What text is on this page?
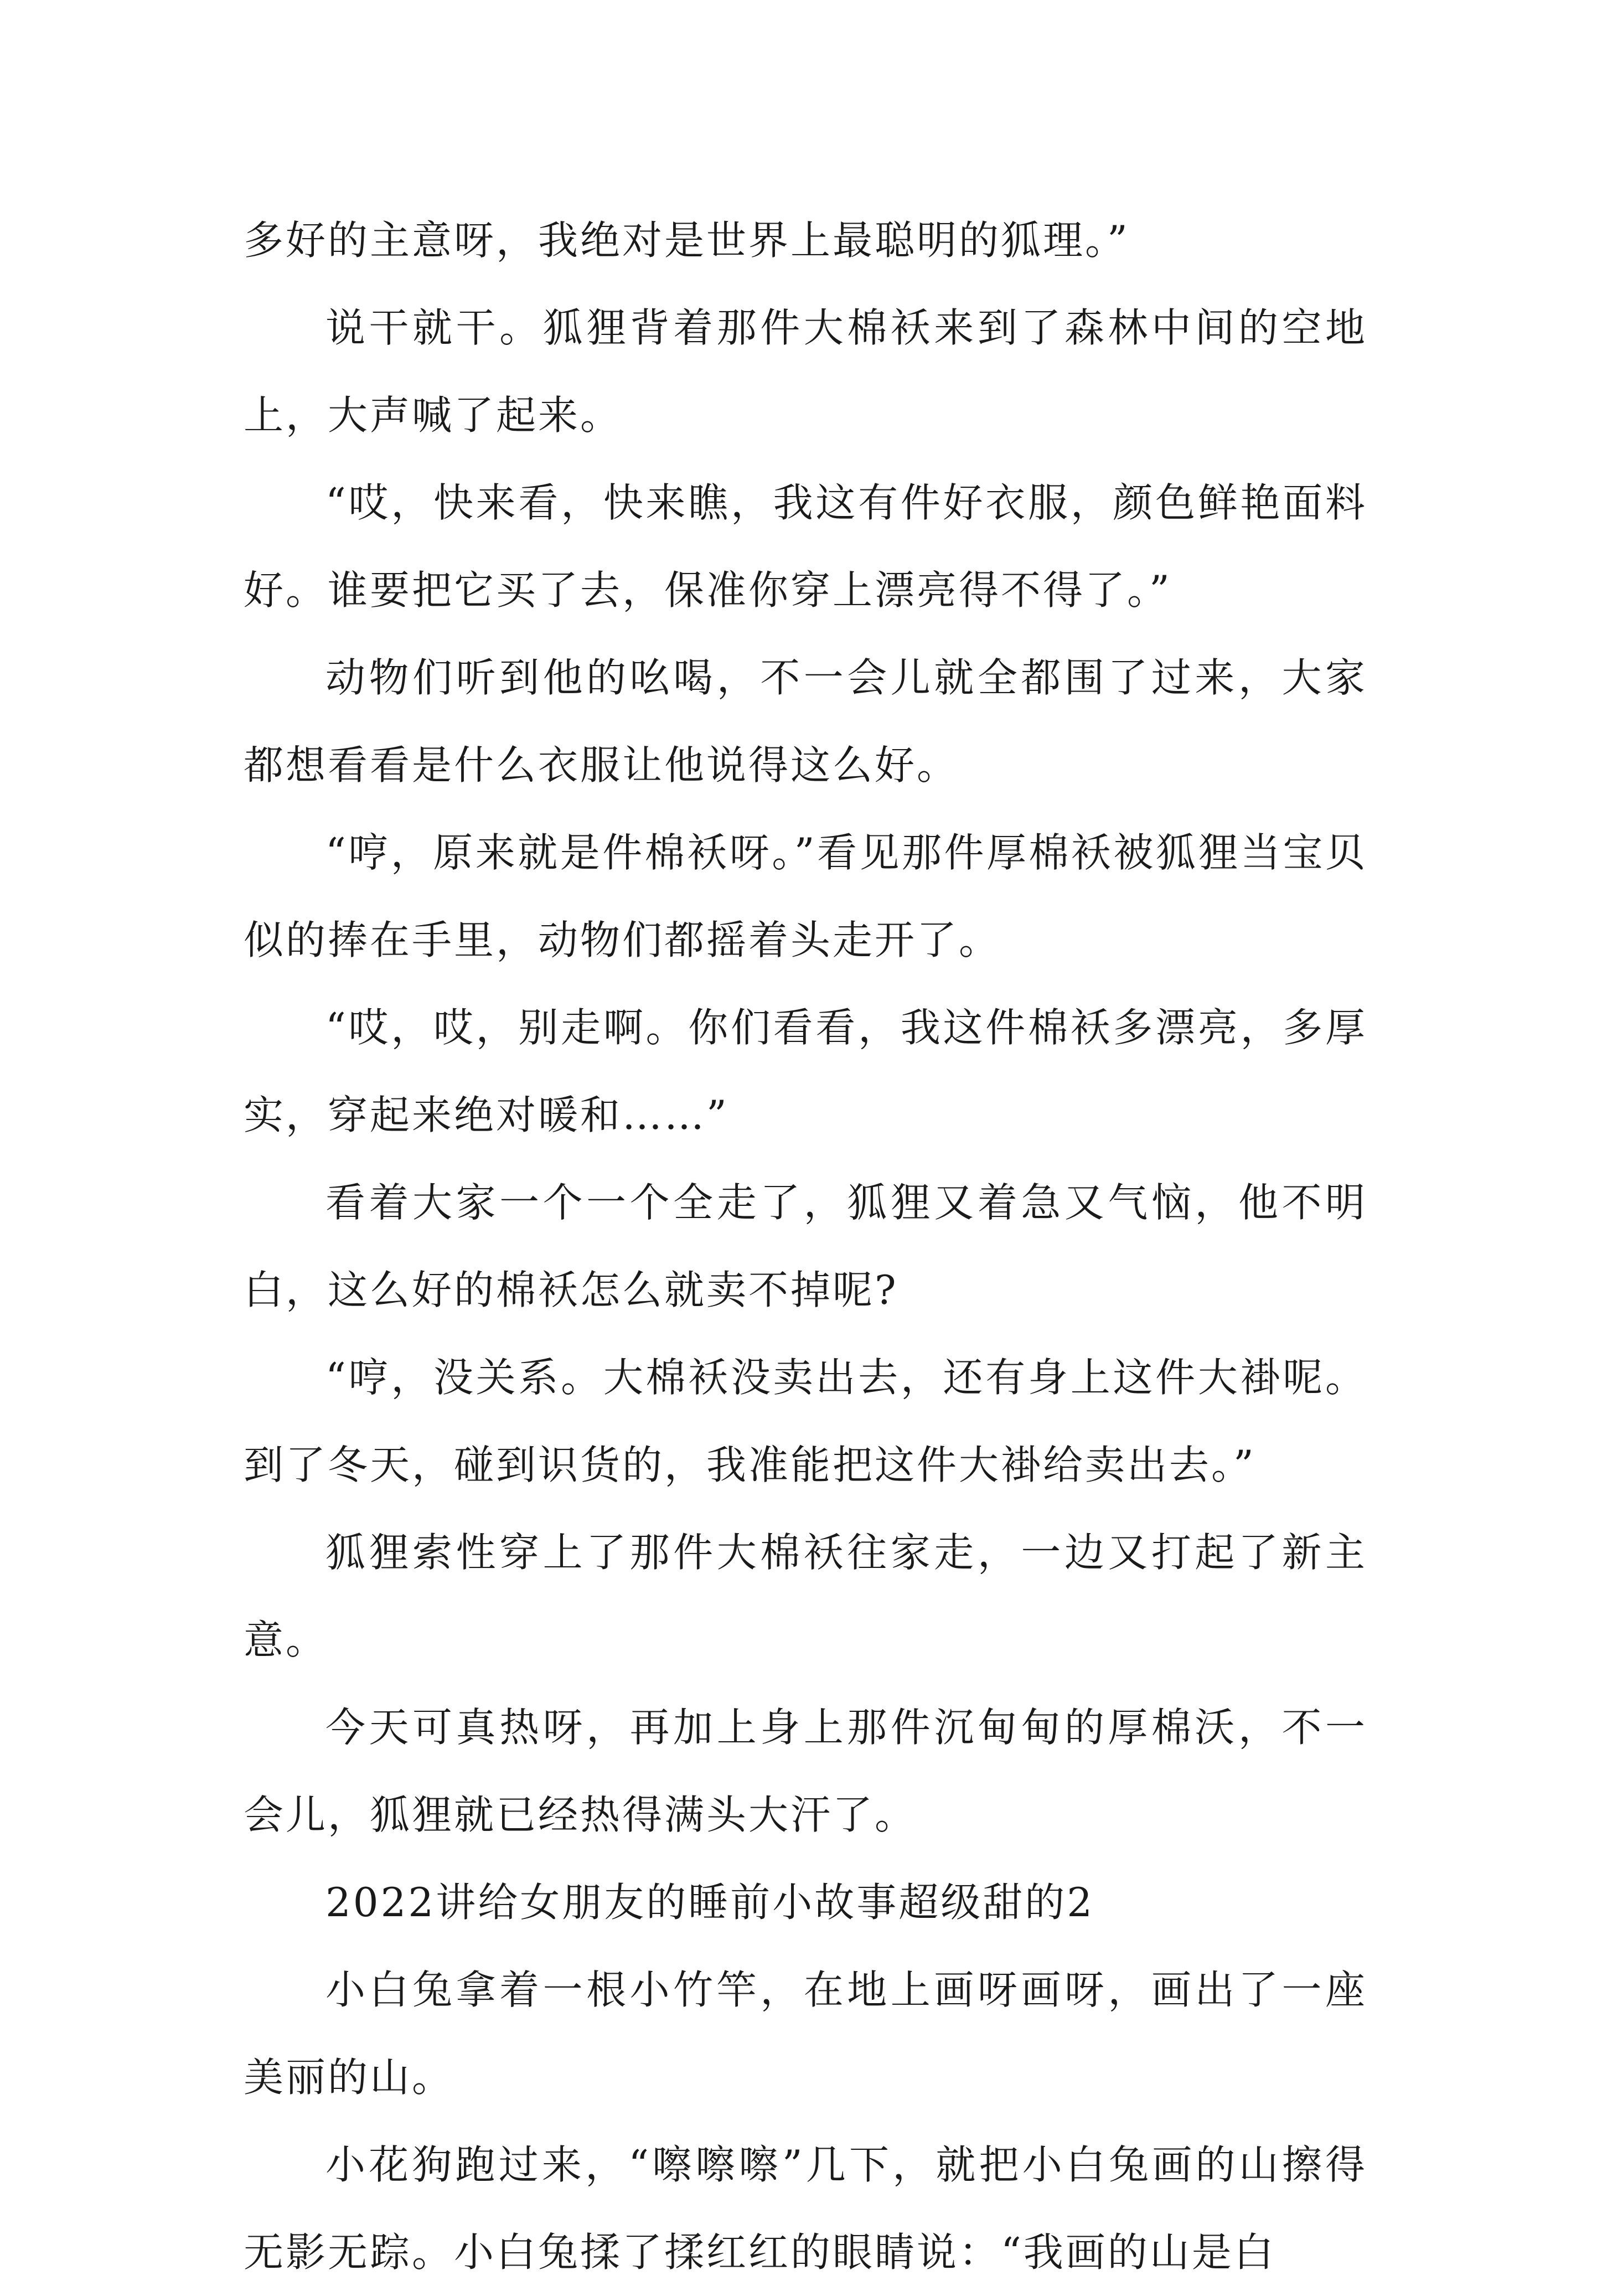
多好的主意呀，我绝对是世界上最聪明的狐理。”

说干就干。狐狸背着那件大棉袄来到了森林中间的空地上，大声喊了起来。

“哎，快来看，快来瞧，我这有件好衣服，颜色鲜艳面料好。谁要把它买了去，保准你穿上漂亮得不得了。”

动物们听到他的吆喝，不一会儿就全都围了过来，大家都想看看是什么衣服让他说得这么好。

“哼，原来就是件棉袄呀。”看见那件厚棉袄被狐狸当宝贝似的捧在手里，动物们都摇着头走开了。

“哎，哎，别走啊。你们看看，我这件棉袄多漂亮，多厚实，穿起来绝对暖和……”

看着大家一个一个全走了，狐狸又着急又气恼，他不明白，这么好的棉袄怎么就卖不掉呢?

“哼，没关系。大棉袄没卖出去，还有身上这件大褂呢。到了冬天，碰到识货的，我准能把这件大褂给卖出去。”

狐狸索性穿上了那件大棉袄往家走，一边又打起了新主意。

今天可真热呀，再加上身上那件沉甸甸的厚棉沃，不一会儿，狐狸就已经热得满头大汗了。

2022讲给女朋友的睡前小故事超级甜的2

小白兔拿着一根小竹竿，在地上画呀画呀，画出了一座美丽的山。

小花狗跑过来，“嚓嚓嚓”几下，就把小白兔画的山擦得无影无踪。小白兔揉了揉红红的眼睛说：“我画的山是白
